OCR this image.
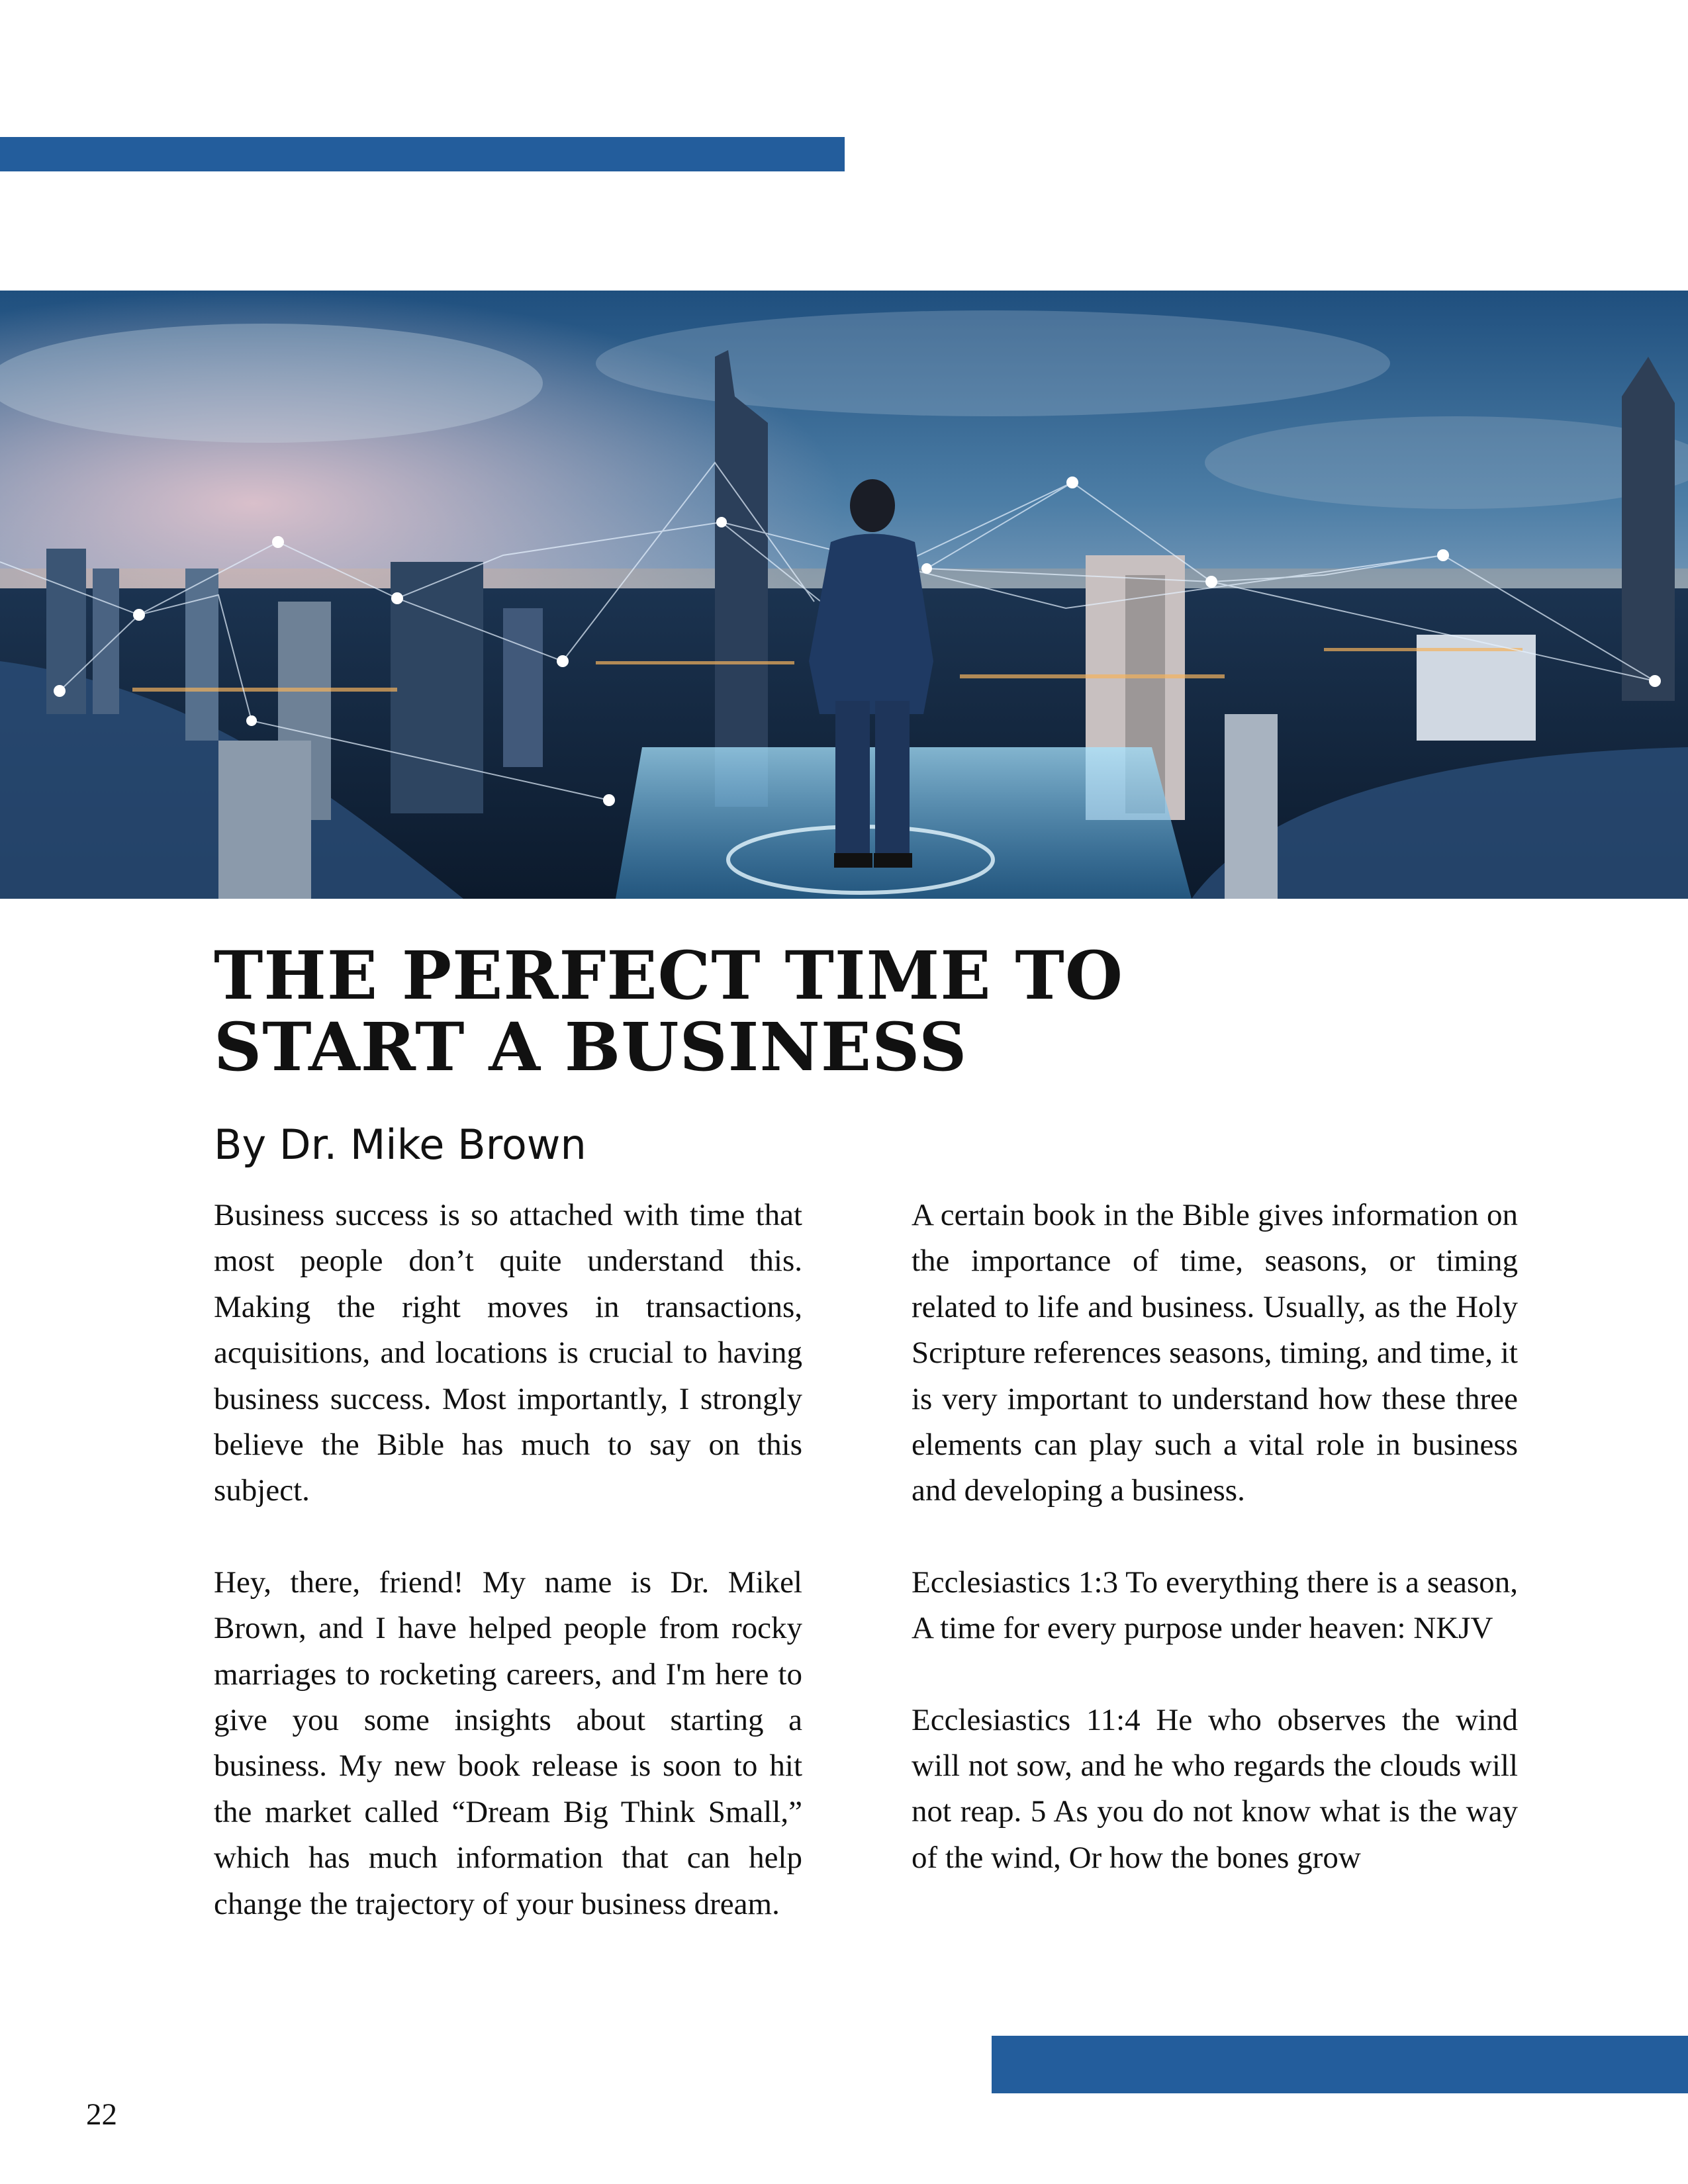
THE PERFECT TIME TO
START A BUSINESS

By Dr. Mike Brown

Business success is so attached with time that most people don’t quite understand this. Making the right moves in transactions, acquisitions, and locations is crucial to having business success. Most importantly, I strongly believe the Bible has much to say on this subject.

Hey, there, friend! My name is Dr. Mikel Brown, and I have helped people from rocky marriages to rocketing careers, and I'm here to give you some insights about starting a business. My new book release is soon to hit the market called “Dream Big Think Small,” which has much information that can help change the trajectory of your business dream.

A certain book in the Bible gives information on the importance of time, seasons, or timing related to life and business. Usually, as the Holy Scripture references seasons, timing, and time, it is very important to understand how these three elements can play such a vital role in business and developing a business.

Ecclesiastics 1:3 To everything there is a season, A time for every purpose under heaven: NKJV

Ecclesiastics 11:4 He who observes the wind will not sow, and he who regards the clouds will not reap. 5 As you do not know what is the way of the wind, Or how the bones grow

22
